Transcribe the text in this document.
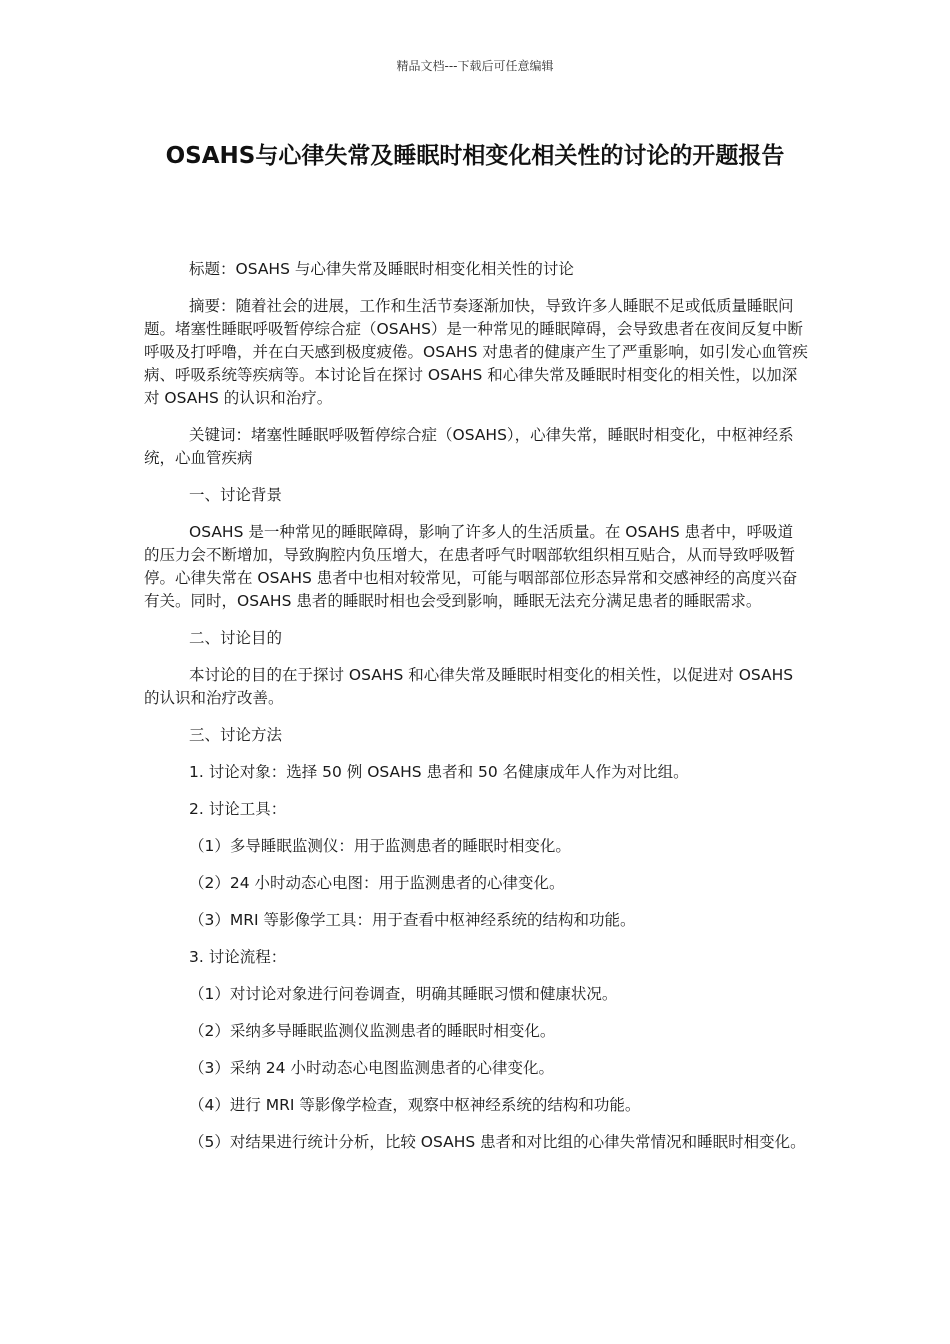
精品文档---下载后可任意编辑
OSAHS与心律失常及睡眠时相变化相关性的讨论的开题报告

标题：OSAHS 与心律失常及睡眠时相变化相关性的讨论

摘要：随着社会的进展，工作和生活节奏逐渐加快，导致许多人睡眠不足或低质量睡眠问题。堵塞性睡眠呼吸暂停综合症（OSAHS）是一种常见的睡眠障碍，会导致患者在夜间反复中断呼吸及打呼噜，并在白天感到极度疲倦。OSAHS 对患者的健康产生了严重影响，如引发心血管疾病、呼吸系统等疾病等。本讨论旨在探讨 OSAHS 和心律失常及睡眠时相变化的相关性，以加深对 OSAHS 的认识和治疗。

关键词：堵塞性睡眠呼吸暂停综合症（OSAHS），心律失常，睡眠时相变化，中枢神经系统，心血管疾病

一、讨论背景

OSAHS 是一种常见的睡眠障碍，影响了许多人的生活质量。在 OSAHS 患者中，呼吸道的压力会不断增加，导致胸腔内负压增大，在患者呼气时咽部软组织相互贴合，从而导致呼吸暂停。心律失常在 OSAHS 患者中也相对较常见，可能与咽部部位形态异常和交感神经的高度兴奋有关。同时，OSAHS 患者的睡眠时相也会受到影响，睡眠无法充分满足患者的睡眠需求。

二、讨论目的

本讨论的目的在于探讨 OSAHS 和心律失常及睡眠时相变化的相关性，以促进对 OSAHS 的认识和治疗改善。

三、讨论方法

1. 讨论对象：选择 50 例 OSAHS 患者和 50 名健康成年人作为对比组。

2. 讨论工具：

（1）多导睡眠监测仪：用于监测患者的睡眠时相变化。

（2）24 小时动态心电图：用于监测患者的心律变化。

（3）MRI 等影像学工具：用于查看中枢神经系统的结构和功能。

3. 讨论流程：

（1）对讨论对象进行问卷调查，明确其睡眠习惯和健康状况。

（2）采纳多导睡眠监测仪监测患者的睡眠时相变化。

（3）采纳 24 小时动态心电图监测患者的心律变化。

（4）进行 MRI 等影像学检查，观察中枢神经系统的结构和功能。

（5）对结果进行统计分析，比较 OSAHS 患者和对比组的心律失常情况和睡眠时相变化。
